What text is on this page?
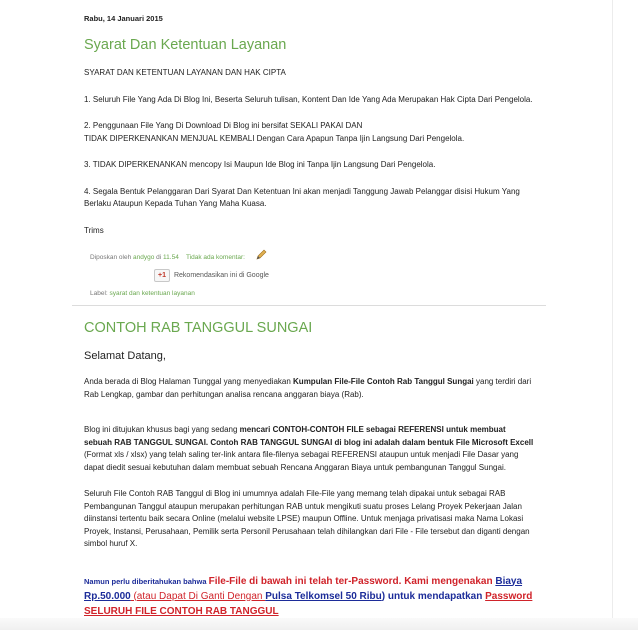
Rabu, 14 Januari 2015
Syarat Dan Ketentuan Layanan

SYARAT DAN KETENTUAN LAYANAN DAN HAK CIPTA

1. Seluruh File Yang Ada Di Blog Ini, Beserta Seluruh tulisan, Kontent Dan Ide Yang Ada Merupakan Hak Cipta Dari Pengelola.

2. Penggunaan File Yang Di Download Di Blog ini bersifat SEKALI PAKAI DAN

TIDAK DIPERKENANKAN MENJUAL KEMBALI Dengan Cara Apapun Tanpa Ijin Langsung Dari Pengelola.

3. TIDAK DIPERKENANKAN mencopy Isi Maupun Ide Blog ini Tanpa Ijin Langsung Dari Pengelola.

4. Segala Bentuk Pelanggaran Dari Syarat Dan Ketentuan Ini akan menjadi Tanggung Jawab Pelanggar disisi Hukum Yang Berlaku Ataupun Kepada Tuhan Yang Maha Kuasa.

Trims

Diposkan oleh andygo di 11.54 Tidak ada komentar:
+1 Rekomendasikan ini di Google
Label: syarat dan ketentuan layanan
CONTOH RAB TANGGUL SUNGAI
Selamat Datang,

Anda berada di Blog Halaman Tunggal yang menyediakan Kumpulan File-File Contoh Rab Tanggul Sungai yang terdiri dari Rab Lengkap, gambar dan perhitungan analisa rencana anggaran biaya (Rab).

Blog ini ditujukan khusus bagi yang sedang mencari CONTOH-CONTOH FILE sebagai REFERENSI untuk membuat sebuah RAB TANGGUL SUNGAI. Contoh RAB TANGGUL SUNGAI di blog ini adalah dalam bentuk File Microsoft Excell (Format xls / xlsx) yang telah saling ter-link antara file-filenya sebagai REFERENSI ataupun untuk menjadi File Dasar yang dapat diedit sesuai kebutuhan dalam membuat sebuah Rencana Anggaran Biaya untuk pembangunan Tanggul Sungai.

Seluruh File Contoh RAB Tanggul di Blog ini umumnya adalah File-File yang memang telah dipakai untuk sebagai RAB Pembangunan Tanggul ataupun merupakan perhitungan RAB untuk mengikuti suatu proses Lelang Proyek Pekerjaan Jalan diinstansi tertentu baik secara Online (melalui website LPSE) maupun Offline. Untuk menjaga privatisasi maka Nama Lokasi Proyek, Instansi, Perusahaan, Pemilik serta Personil Perusahaan telah dihilangkan dari File - File tersebut dan diganti dengan simbol huruf X.

Namun perlu diberitahukan bahwa File-File di bawah ini telah ter-Password. Kami mengenakan Biaya Rp.50.000 (atau Dapat Di Ganti Dengan Pulsa Telkomsel 50 Ribu) untuk mendapatkan Password SELURUH FILE CONTOH RAB TANGGUL
